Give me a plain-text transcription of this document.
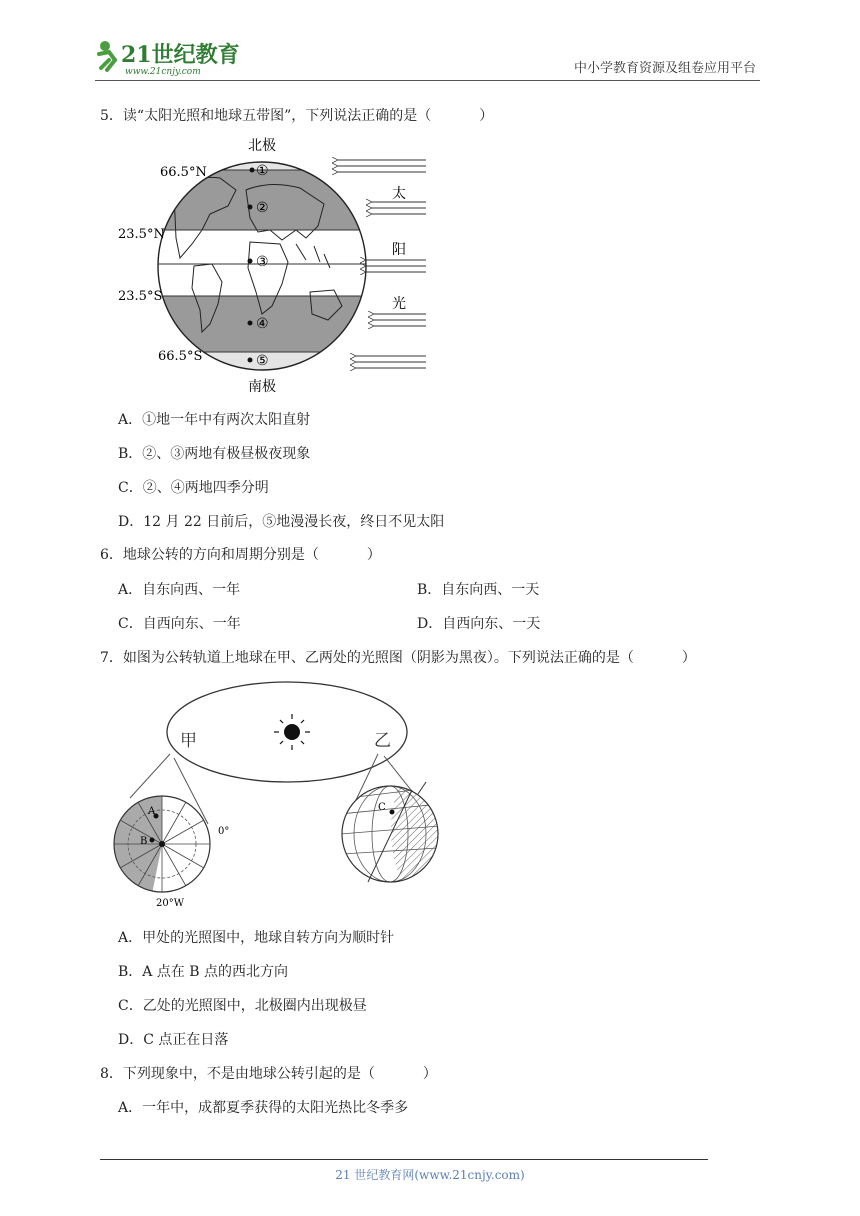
21世纪教育
www.21cnjy.com	中小学教育资源及组卷应用平台
5．读“太阳光照和地球五带图”，下列说法正确的是（	）
北极
南极
66.5°N
23.5°N
23.5°S
66.5°S
①
②
③
④
⑤
太
阳
光
A．①地一年中有两次太阳直射
B．②、③两地有极昼极夜现象
C．②、④两地四季分明
D．12 月 22 日前后，⑤地漫漫长夜，终日不见太阳
6．地球公转的方向和周期分别是（	）
A．自东向西、一年	B．自东向西、一天
C．自西向东、一年	D．自西向东、一天
7．如图为公转轨道上地球在甲、乙两处的光照图（阴影为黑夜）。下列说法正确的是（	）
甲	乙
A
B
0°
20°W
C
A．甲处的光照图中，地球自转方向为顺时针
B．A 点在 B 点的西北方向
C．乙处的光照图中，北极圈内出现极昼
D．C 点正在日落
8．下列现象中，不是由地球公转引起的是（	）
A．一年中，成都夏季获得的太阳光热比冬季多
21 世纪教育网(www.21cnjy.com)
